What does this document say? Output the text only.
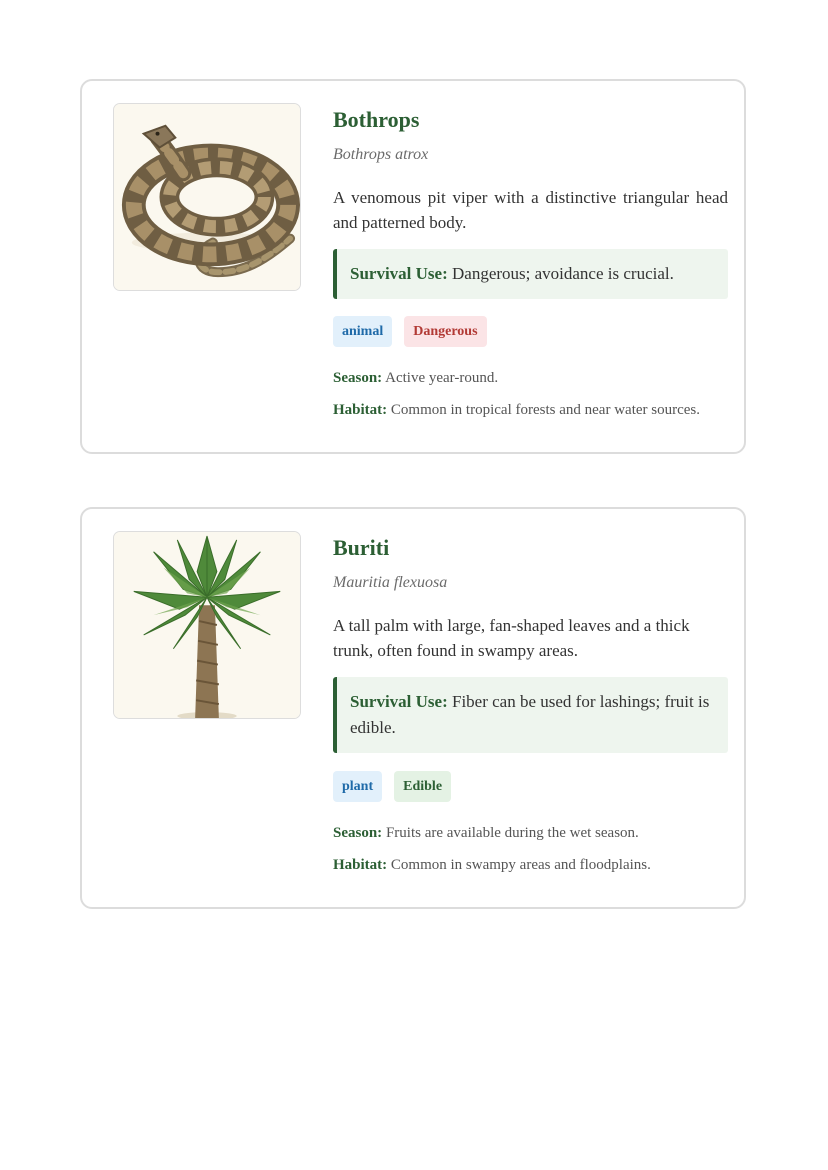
Bothrops
Bothrops atrox

A venomous pit viper with a distinctive triangular head and patterned body.

Survival Use: Dangerous; avoidance is crucial.
animal	Dangerous
Season: Active year-round.
Habitat: Common in tropical forests and near water sources.
Buriti
Mauritia flexuosa

A tall palm with large, fan-shaped leaves and a thick trunk, often found in swampy areas.

Survival Use: Fiber can be used for lashings; fruit is edible.
plant	Edible
Season: Fruits are available during the wet season.
Habitat: Common in swampy areas and floodplains.
